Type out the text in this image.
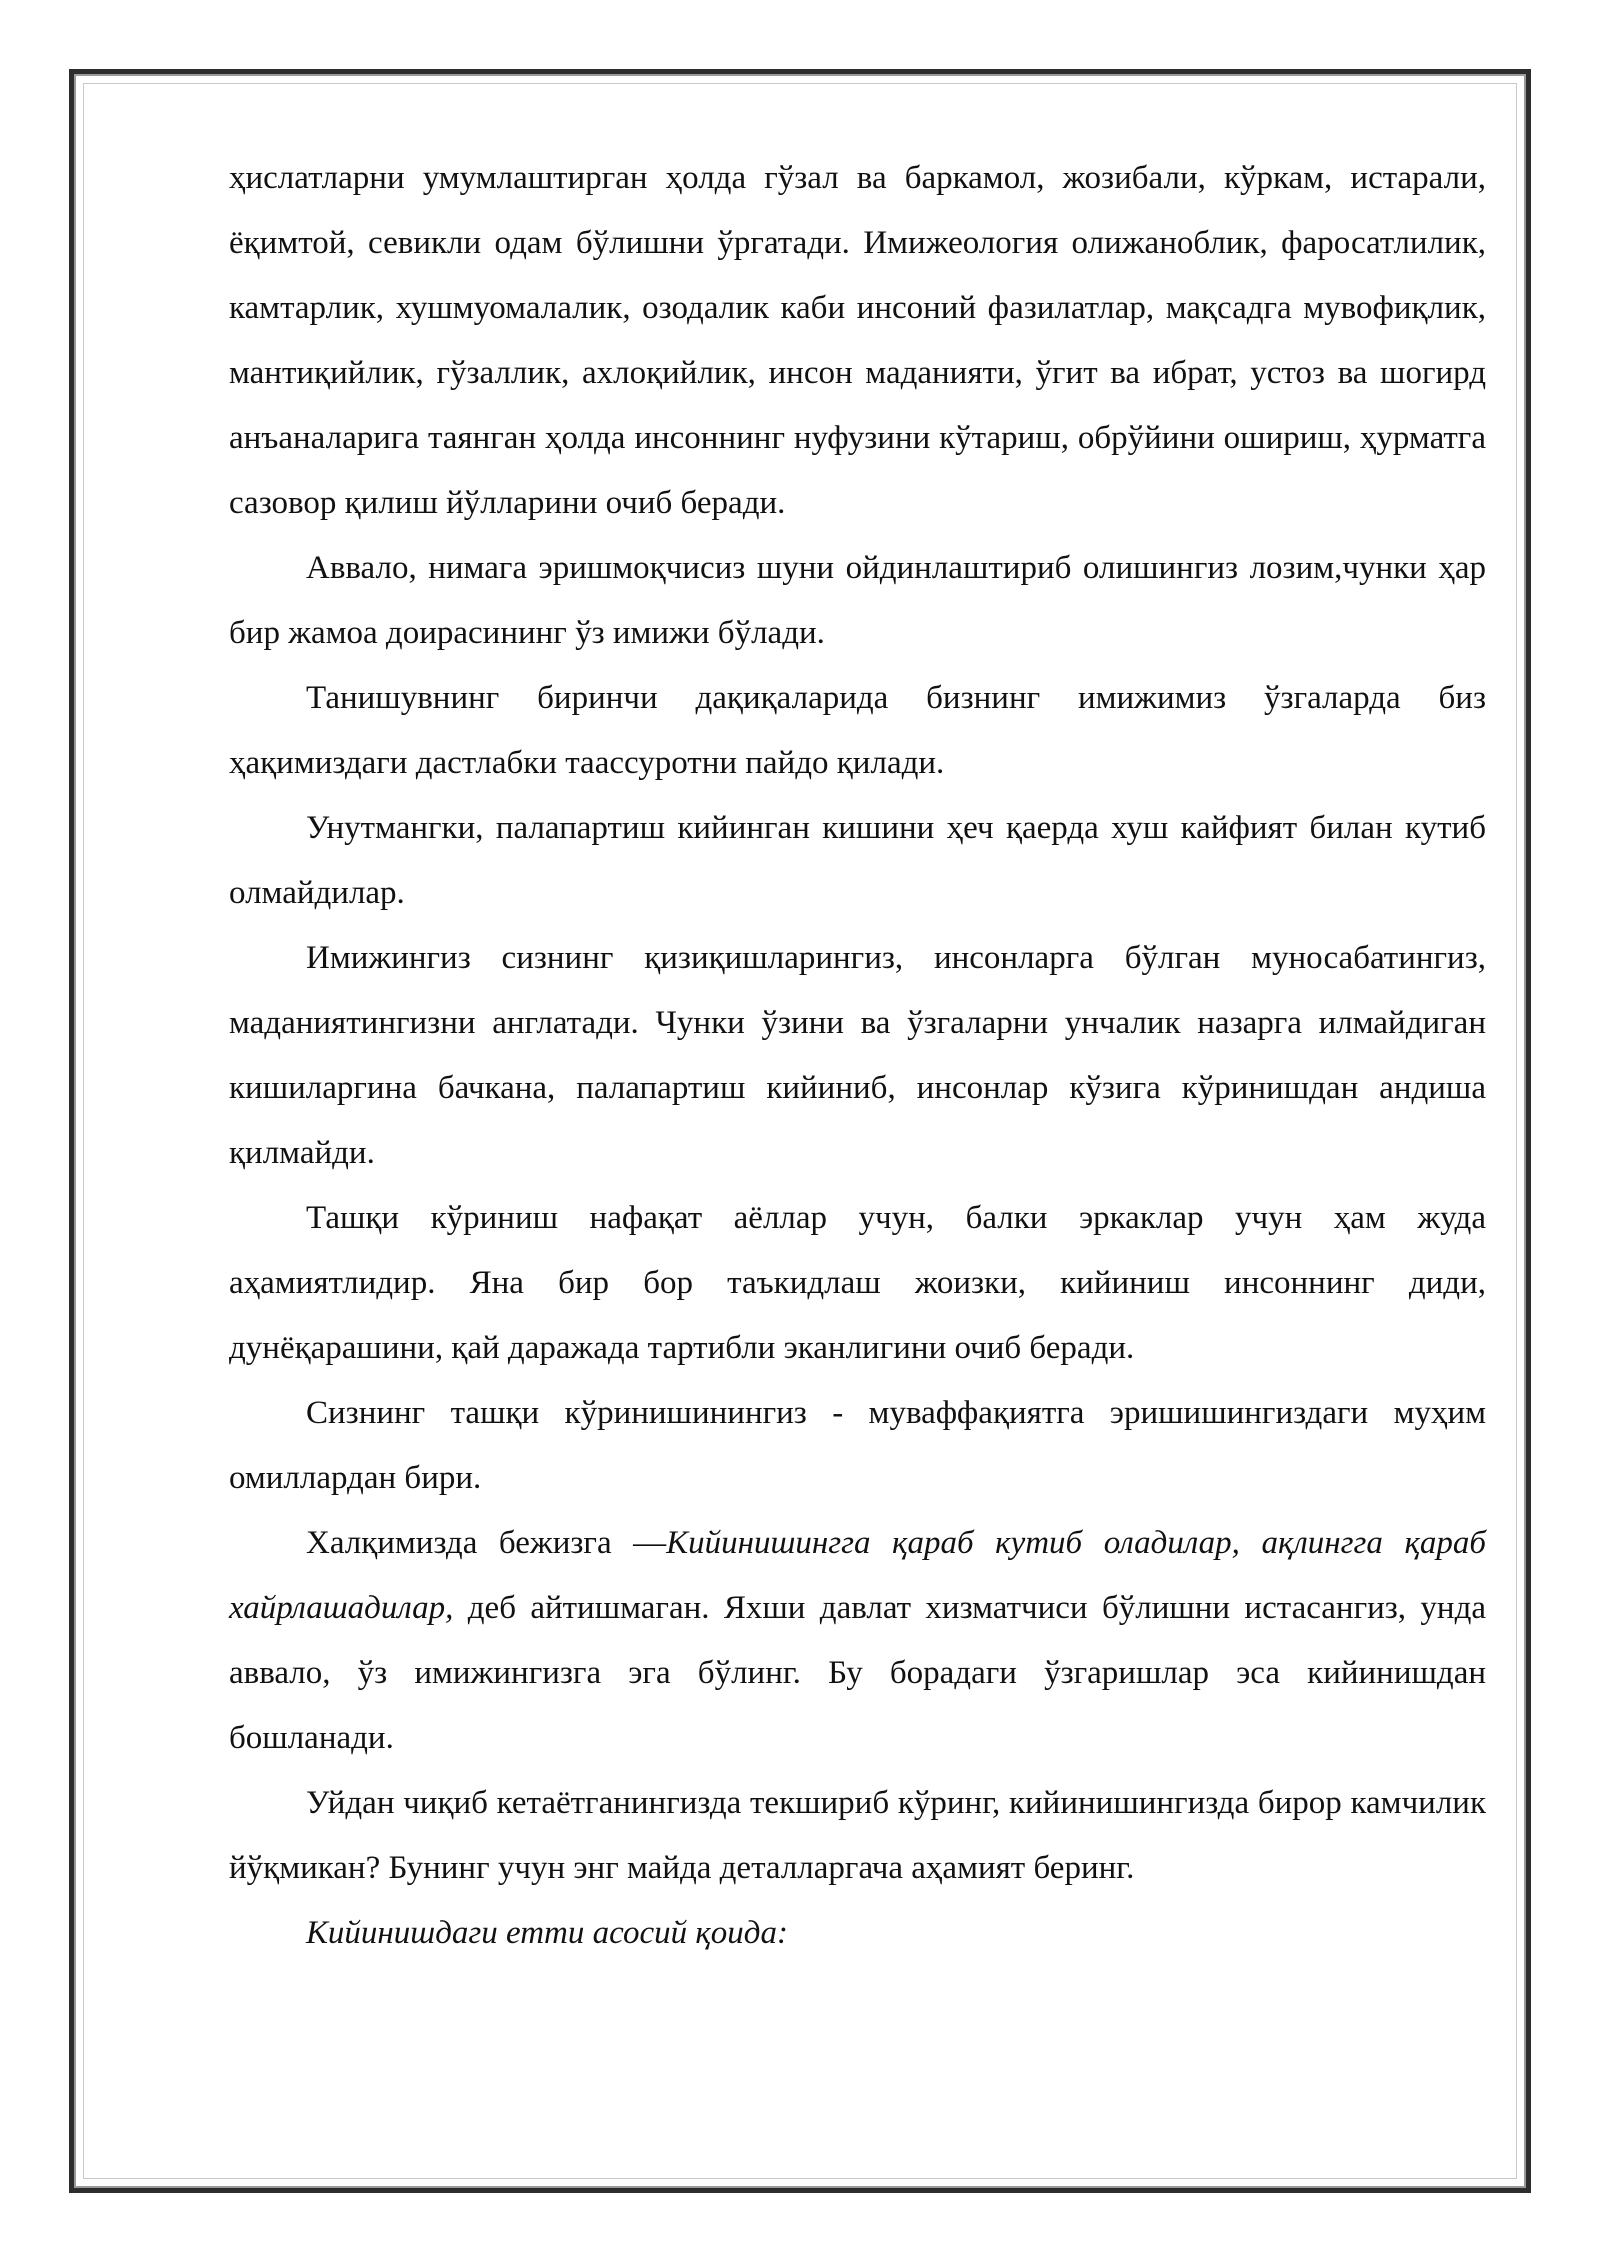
ҳислатларни умумлаштирган ҳолда гўзал ва баркамол, жозибали, кўркам, истарали, ёқимтой, севикли одам бўлишни ўргатади. Имижеология олижанoблик, фаросатлилик, камтарлик, хушмуомалалик, озодалик каби инсоний фазилатлар, мақсадга мувофиқлик, мантиқийлик, гўзаллик, ахлоқийлик, инсон маданияти, ўгит ва ибрат, устоз ва шогирд анъаналарига таянган ҳолда инсоннинг нуфузини кўтариш, обрўйини ошириш, ҳурматга сазовор қилиш йўлларини очиб беради.

Аввало, нимага эришмоқчисиз шуни ойдинлаштириб олишингиз лозим,чунки ҳар бир жамоа доирасининг ўз имижи бўлади.

Танишувнинг биринчи дақиқаларида бизнинг имижимиз ўзгаларда биз ҳақимиздаги дастлабки таассуротни пайдо қилади.

Унутмангки, палапартиш кийинган кишини ҳеч қаерда хуш кайфият билан кутиб олмайдилар.

Имижингиз сизнинг қизиқишларингиз, инсонларга бўлган муносабатингиз, маданиятингизни англатади. Чунки ўзини ва ўзгаларни унчалик назарга илмайдиган кишиларгина бачкана, палапартиш кийиниб, инсонлар кўзига кўринишдан андиша қилмайди.

Ташқи кўриниш нафақат аёллар учун, балки эркаклар учун ҳам жуда аҳамиятлидир. Яна бир бор таъкидлаш жоизки, кийиниш инсоннинг диди, дунёқарашини, қай даражада тартибли эканлигини очиб беради.

Сизнинг ташқи кўринишинингиз - муваффақиятга эришишингиздаги муҳим омиллардан бири.

Халқимизда бежизга ―Кийинишингга қараб кутиб оладилар, ақлингга қараб хайрлашадилар, деб айтишмаган. Яхши давлат хизматчиси бўлишни истасангиз, унда аввало, ўз имижингизга эга бўлинг. Бу борадаги ўзгаришлар эса кийинишдан бошланади.

Уйдан чиқиб кетаётганингизда текшириб кўринг, кийинишингизда бирор камчилик йўқмикан? Бунинг учун энг майда деталларгача аҳамият беринг.

Кийинишдаги етти асосий қоида:
